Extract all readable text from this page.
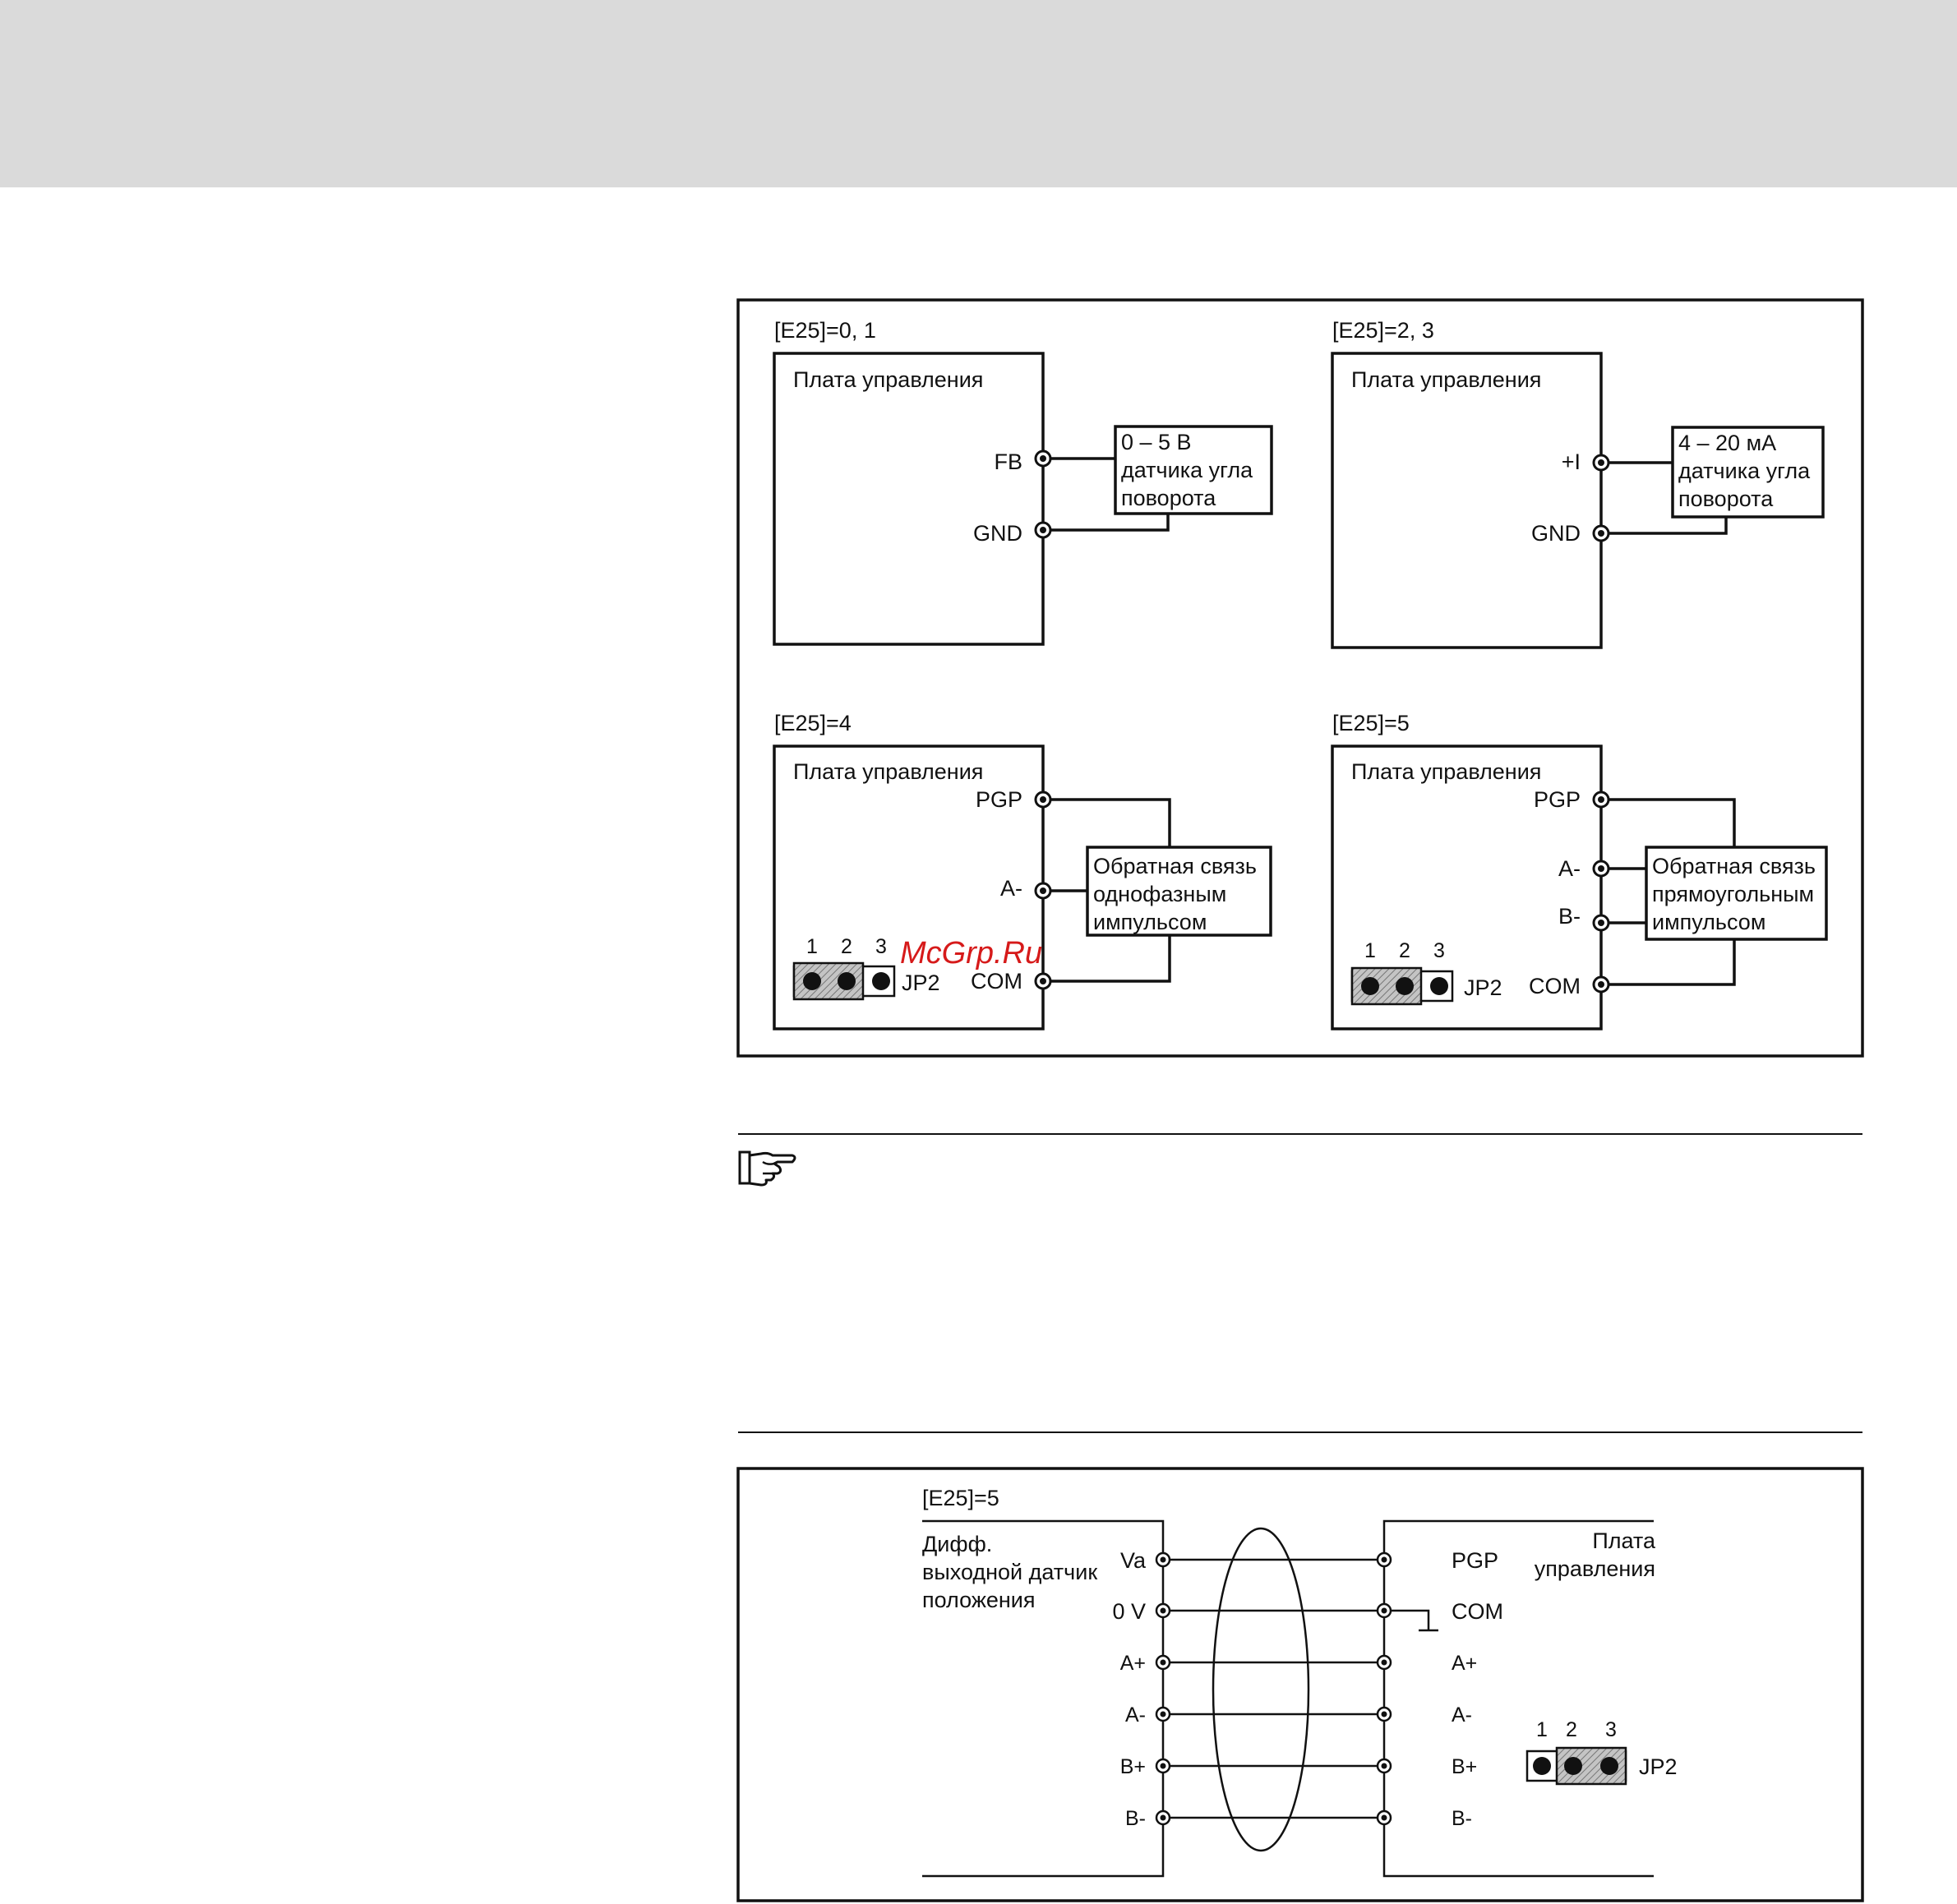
[E25]=0, 1
Плата управления
FB
GND
0 – 5 В
датчика угла
поворота
[E25]=2, 3
Плата управления
+I
GND
4 – 20 мА
датчика угла
поворота
[E25]=4
Плата управления
PGP
A-
COM
Обратная связь
однофазным
импульсом
1 2 3
JP2
McGrp.Ru
[E25]=5
Плата управления
PGP
A-
B-
COM
Обратная связь
прямоугольным
импульсом
1 2 3
JP2
[E25]=5
Дифф.
выходной датчик
положения
Плата
управления
Va
0 V
A+
A-
B+
B-
PGP
COM
A+
A-
B+
B-
1 2 3
JP2
